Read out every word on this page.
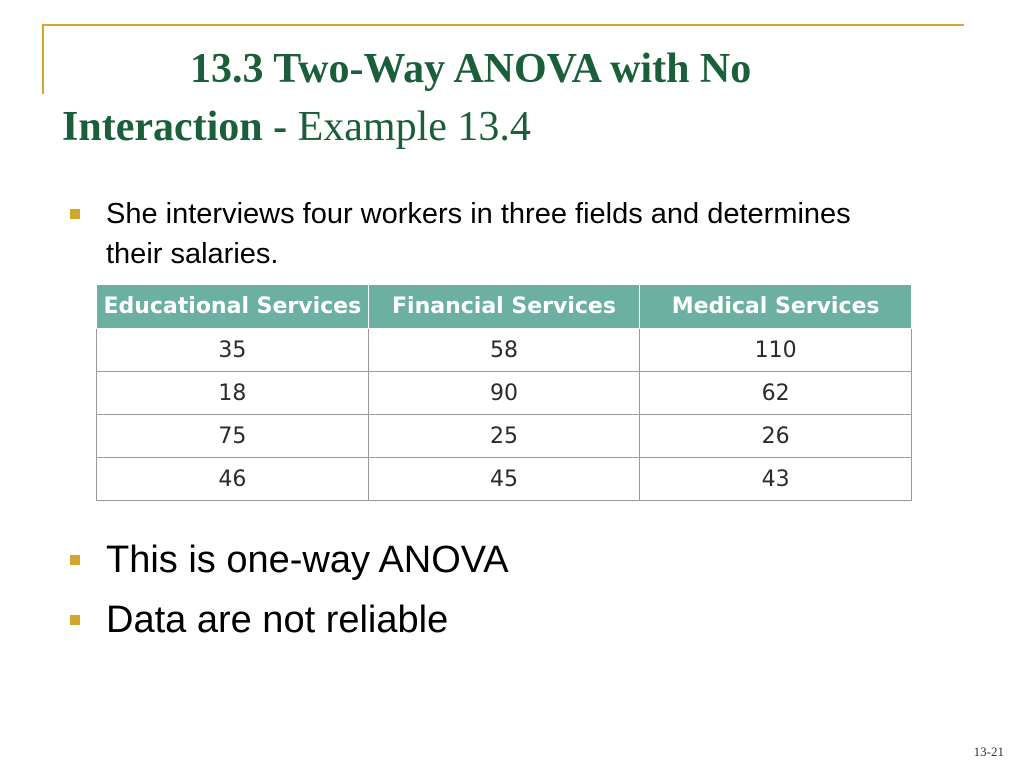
13.3 Two-Way ANOVA with No
Interaction - Example 13.4
She interviews four workers in three fields and determines their salaries.
Educational Services	Financial Services	Medical Services
35	58	110
18	90	62
75	25	26
46	45	43
This is one-way ANOVA
Data are not reliable
13-21
